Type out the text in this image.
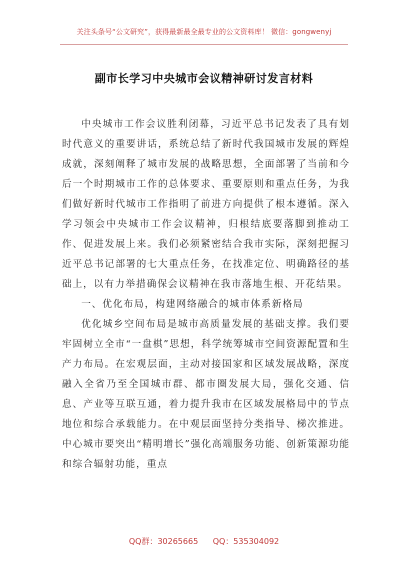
关注头条号“公文研究”，获得最新最全最专业的公文资料库！ 微信：gongwenyj
副市长学习中央城市会议精神研讨发言材料

中央城市工作会议胜利闭幕，习近平总书记发表了具有划时代意义的重要讲话，系统总结了新时代我国城市发展的辉煌成就，深刻阐释了城市发展的战略思想，全面部署了当前和今后一个时期城市工作的总体要求、重要原则和重点任务，为我们做好新时代城市工作指明了前进方向提供了根本遵循。深入学习领会中央城市工作会议精神，归根结底要落脚到推动工作、促进发展上来。我们必须紧密结合我市实际，深刻把握习近平总书记部署的七大重点任务，在找准定位、明确路径的基础上，以有力举措确保会议精神在我市落地生根、开花结果。

一、优化布局，构建网络融合的城市体系新格局

优化城乡空间布局是城市高质量发展的基础支撑。我们要牢固树立全市“一盘棋”思想，科学统筹城市空间资源配置和生产力布局。在宏观层面，主动对接国家和区域发展战略，深度融入全省乃至全国城市群、都市圈发展大局，强化交通、信息、产业等互联互通，着力提升我市在区域发展格局中的节点地位和综合承载能力。在中观层面坚持分类指导、梯次推进。中心城市要突出“精明增长”强化高端服务功能、创新策源功能和综合辐射功能，重点

QQ群：30265665 QQ：535304092
